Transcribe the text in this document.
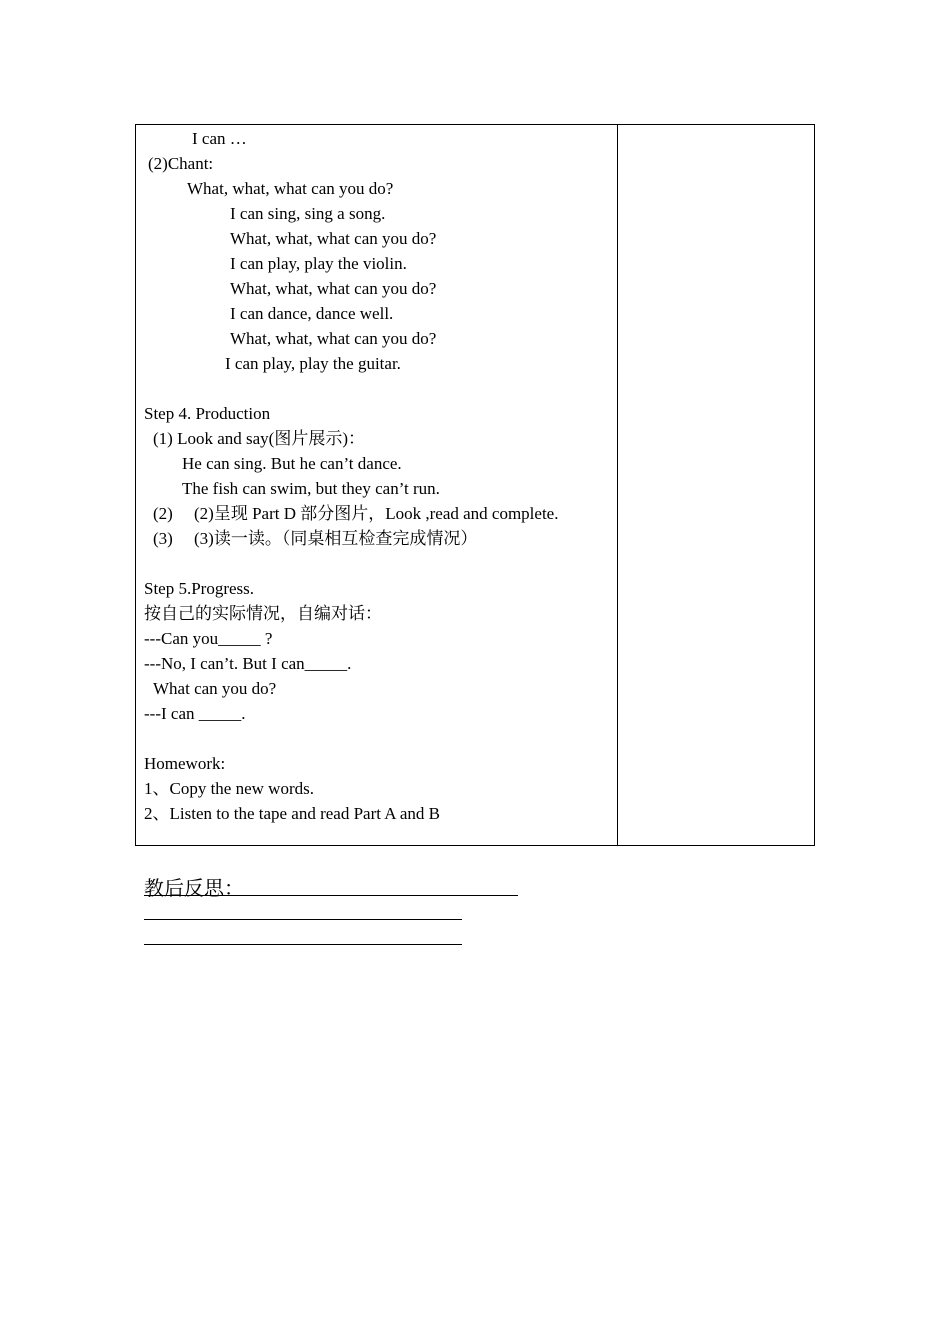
I can …
(2)Chant:
What, what, what can you do?
I can sing, sing a song.
What, what, what can you do?
I can play, play the violin.
What, what, what can you do?
I can dance, dance well.
What, what, what can you do?
I can play, play the guitar.
Step 4. Production
(1) Look and say(图片展示)：
He can sing. But he can’t dance.
The fish can swim, but they can’t run.
(2) (2)呈现 Part D 部分图片，Look ,read and complete.
(3) (3)读一读。（同桌相互检查完成情况）
Step 5.Progress.
按自己的实际情况，自编对话：
---Can you_____ ?
---No, I can’t. But I can_____.
What can you do?
---I can _____.
Homework:
1、Copy the new words.
2、Listen to the tape and read Part A and B
教后反思：
